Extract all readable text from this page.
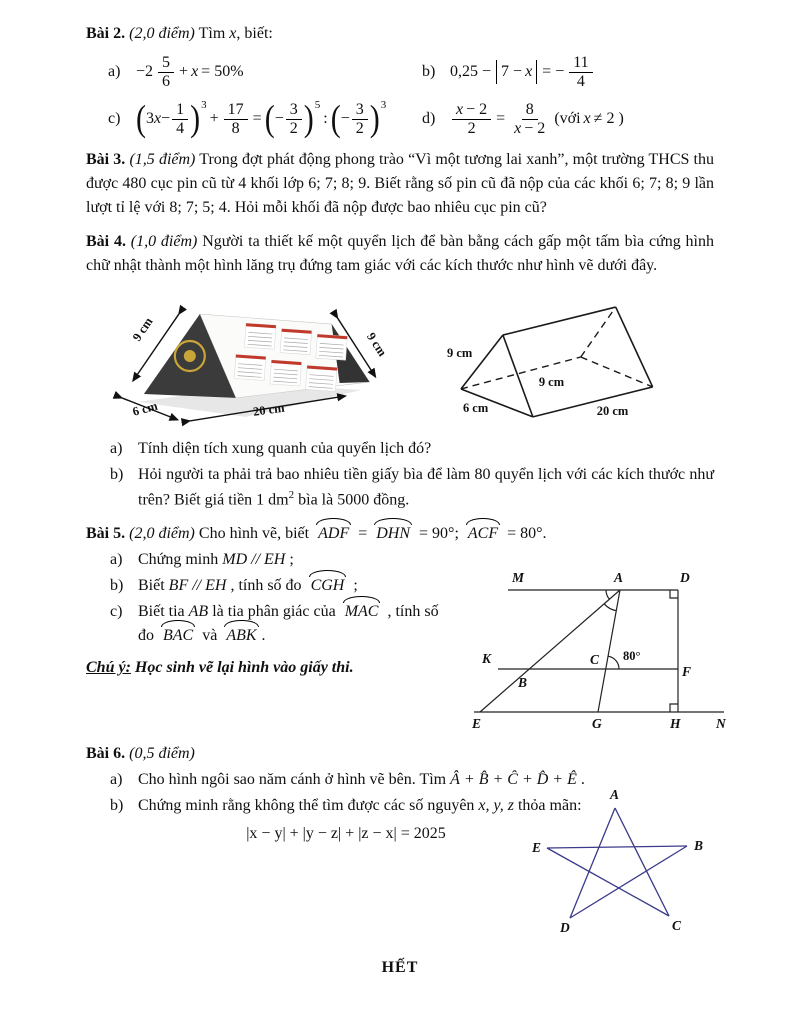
Bài 2. (2,0 điểm) Tìm x, biết:

$a) -2 \frac{5}{6} + x = 50\%$	b) 0,25 − 7 − x = − $\frac{11}{4}$
c) ( 3 $x - \frac{1}{4}$ ) 3
+ $\frac{17}{8}$ = ( − $\frac{3}{2}$ ) 5
: ( − $\frac{3}{2}$ ) 3
d)	$\frac{x - 2}{2} = \frac{8}{x - 2}$ (với x ≠ 2 )

Bài 3. (1,5 điểm) Trong đợt phát động phong trào “Vì một tương lai xanh”, một trường THCS thu được 480 cục pin cũ từ 4 khối lớp 6; 7; 8; 9. Biết rằng số pin cũ đã nộp của các khối 6; 7; 8; 9 lần lượt tỉ lệ với 8; 7; 5; 4. Hỏi mỗi khối đã nộp được bao nhiêu cục pin cũ?

Bài 4. (1,0 điểm) Người ta thiết kế một quyển lịch để bàn bằng cách gấp một tấm bìa cứng hình chữ nhật thành một hình lăng trụ đứng tam giác với các kích thước như hình vẽ dưới đây.

9 cm
6 cm	20 cm
9 cm	9 cm
6 cm
9 cm
20 cm
a) Tính diện tích xung quanh của quyển lịch đó?
b) Hỏi người ta phải trả bao nhiêu tiền giấy bìa để làm 80 quyển lịch với các kích thước như trên? Biết giá tiền 1 $dm^2$ bìa là 5000 đồng.

Bài 5. (2,0 điểm) Cho hình vẽ, biết ADF = DHN = 90°; ACF = 80°.

a) Chứng minh MD // EH ;
b) Biết BF // EH , tính số đo CGH ;
c) Biết tia AB là tia phân giác của MAC , tính số đo BAC và ABK .

Chú ý: Học sinh vẽ lại hình vào giấy thi.

M	A	D
K	C
F
B
E	G	H	N
80°

Bài 6. (0,5 điểm)

a) Cho hình ngôi sao năm cánh ở hình vẽ bên. Tìm Â + B̂ + Ĉ + D̂ + Ê .
b) Chứng minh rằng không thể tìm được các số nguyên x, y, z thỏa mãn:
|x − y| + |y − z| + |z − x| = 2025
A
B
C
D
E

HẾT
